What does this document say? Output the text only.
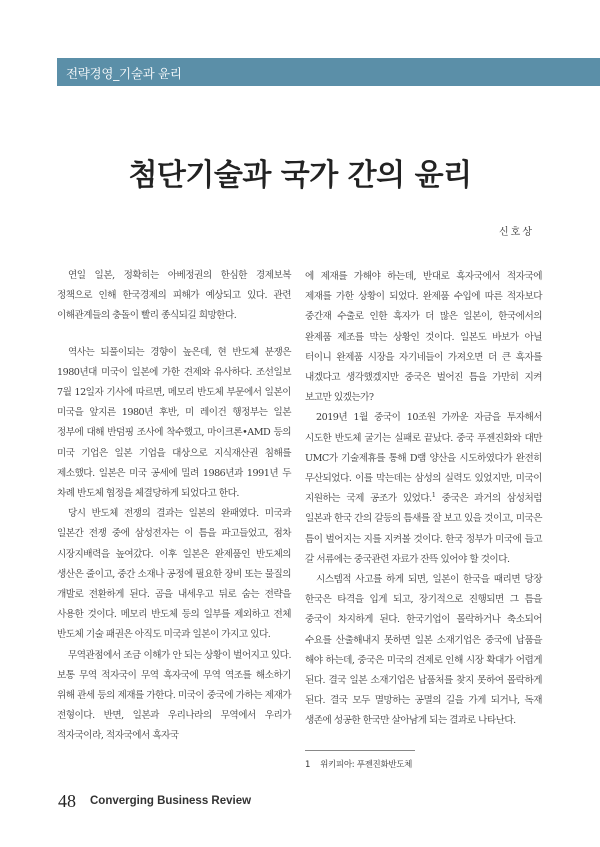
전략경영_기술과 윤리
첨단기술과 국가 간의 윤리
신호상

연일 일본, 정확히는 아베정권의 한심한 경제보복 정책으로 인해 한국경제의 피해가 예상되고 있다. 관련 이해관계들의 충돌이 빨리 종식되길 희망한다.

역사는 되풀이되는 경향이 높은데, 현 반도체 분쟁은 1980년대 미국이 일본에 가한 견제와 유사하다. 조선일보 7월 12일자 기사에 따르면, 메모리 반도체 부문에서 일본이 미국을 앞지른 1980년 후반, 미 레이건 행정부는 일본 정부에 대해 반덤핑 조사에 착수했고, 마이크론•AMD 등의 미국 기업은 일본 기업을 대상으로 지식재산권 침해를 제소했다. 일본은 미국 공세에 밀려 1986년과 1991년 두 차례 반도체 협정을 체결당하게 되었다고 한다.

당시 반도체 전쟁의 결과는 일본의 완패였다. 미국과 일본간 전쟁 중에 삼성전자는 이 틈을 파고들었고, 점차 시장지배력을 높여갔다. 이후 일본은 완제품인 반도체의 생산은 줄이고, 중간 소재나 공정에 필요한 장비 또는 물질의 개발로 전환하게 된다. 곰을 내세우고 뒤로 숨는 전략을 사용한 것이다. 메모리 반도체 등의 일부를 제외하고 전체 반도체 기술 패권은 아직도 미국과 일본이 가지고 있다.

무역관점에서 조금 이해가 안 되는 상황이 벌어지고 있다. 보통 무역 적자국이 무역 흑자국에 무역 역조를 해소하기 위해 관세 등의 제재를 가한다. 미국이 중국에 가하는 제재가 전형이다. 반면, 일본과 우리나라의 무역에서 우리가 적자국이라, 적자국에서 흑자국

에 제재를 가해야 하는데, 반대로 흑자국에서 적자국에 제재를 가한 상황이 되었다. 완제품 수입에 따른 적자보다 중간재 수출로 인한 흑자가 더 많은 일본이, 한국에서의 완제품 제조를 막는 상황인 것이다. 일본도 바보가 아닐 터이니 완제품 시장을 자기네들이 가져오면 더 큰 흑자를 내겠다고 생각했겠지만 중국은 벌어진 틈을 가만히 지켜 보고만 있겠는가?

2019년 1월 중국이 10조원 가까운 자금을 투자해서 시도한 반도체 굴기는 실패로 끝났다. 중국 푸젠진화와 대만 UMC가 기술제휴를 통해 D램 양산을 시도하였다가 완전히 무산되었다. 이를 막는데는 삼성의 실력도 있었지만, 미국이 지원하는 국제 공조가 있었다.$^1$ 중국은 과거의 삼성처럼 일본과 한국 간의 갈등의 틈새를 잘 보고 있을 것이고, 미국은 틈이 벌어지는 지를 지켜볼 것이다. 한국 정부가 미국에 들고 갈 서류에는 중국관련 자료가 잔뜩 있어야 할 것이다.

시스템적 사고를 하게 되면, 일본이 한국을 때리면 당장 한국은 타격을 입게 되고, 장기적으로 진행되면 그 틈을 중국이 차지하게 된다. 한국기업이 몰락하거나 축소되어 수요를 산출해내지 못하면 일본 소재기업은 중국에 납품을 해야 하는데, 중국은 미국의 견제로 인해 시장 확대가 어렵게 된다. 결국 일본 소재기업은 납품처를 찾지 못하여 몰락하게 된다. 결국 모두 멸망하는 공멸의 길을 가게 되거나, 독재 생존에 성공한 한국만 살아남게 되는 결과로 나타난다.

1 위키피아: 푸젠진화반도체
48 Converging Business Review
